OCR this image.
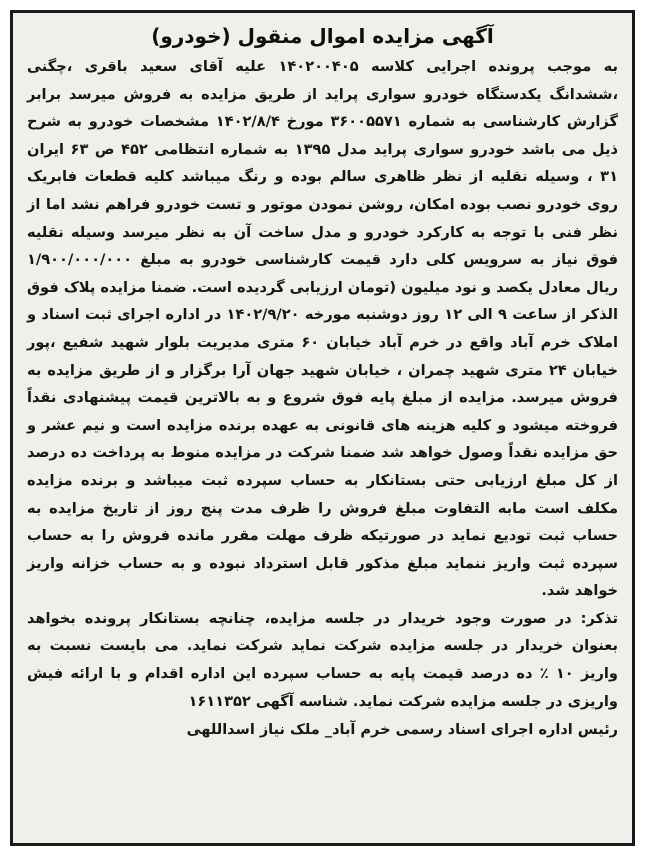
آگهی مزایده اموال منقول (خودرو)

به موجب پرونده اجرایی کلاسه ۱۴۰۲۰۰۴۰۵ علیه آقای سعید باقری ،چگنی ،ششدانگ یکدستگاه خودرو سواری پراید از طریق مزایده به فروش میرسد برابر گزارش کارشناسی به شماره ۳۶۰۰۵۵۷۱ مورخ ۱۴۰۲/۸/۴ مشخصات خودرو به شرح ذیل می باشد خودرو سواری پراید مدل ۱۳۹۵ به شماره انتظامی ۴۵۲ ص ۶۳ ایران ۳۱ ، وسیله نقلیه از نظر ظاهری سالم بوده و رنگ میباشد کلیه قطعات فابریک روی خودرو نصب بوده امکان، روشن نمودن موتور و تست خودرو فراهم نشد اما از نظر فنی با توجه به کارکرد خودرو و مدل ساخت آن به نظر میرسد وسیله نقلیه فوق نیاز به سرویس کلی دارد قیمت کارشناسی خودرو به مبلغ ۱/۹۰۰/۰۰۰/۰۰۰ ریال معادل یکصد و نود میلیون (تومان ارزیابی گردیده است. ضمنا مزایده پلاک فوق الذکر از ساعت ۹ الی ۱۲ روز دوشنبه مورخه ۱۴۰۲/۹/۲۰ در اداره اجرای ثبت اسناد و املاک خرم آباد واقع در خرم آباد خیابان ۶۰ متری مدیریت بلوار شهید شفیع ،پور خیابان ۲۴ متری شهید چمران ، خیابان شهید جهان آرا برگزار و از طریق مزایده به فروش میرسد. مزایده از مبلغ پایه فوق شروع و به بالاترین قیمت پیشنهادی نقداً فروخته میشود و کلیه هزینه های قانونی به عهده برنده مزایده است و نیم عشر و حق مزایده نقداً وصول خواهد شد ضمنا شرکت در مزایده منوط به پرداخت ده درصد از کل مبلغ ارزیابی حتی بستانکار به حساب سپرده ثبت میباشد و برنده مزایده مکلف است مابه التفاوت مبلغ فروش را ظرف مدت پنج روز از تاریخ مزایده به حساب ثبت تودیع نماید در صورتیکه ظرف مهلت مقرر مانده فروش را به حساب سپرده ثبت واریز ننماید مبلغ مذکور قابل استرداد نبوده و به حساب خزانه واریز خواهد شد.

تذکر: در صورت وجود خریدار در جلسه مزایده، چنانچه بستانکار پرونده بخواهد بعنوان خریدار در جلسه مزایده شرکت نماید شرکت نماید. می بایست نسبت به واریز ۱۰ ٪ ده درصد قیمت پایه به حساب سپرده این اداره اقدام و با ارائه فیش واریزی در جلسه مزایده شرکت نماید. شناسه آگهی ۱۶۱۱۳۵۲

رئیس اداره اجرای اسناد رسمی خرم آباد_ ملک نیاز اسداللهی
